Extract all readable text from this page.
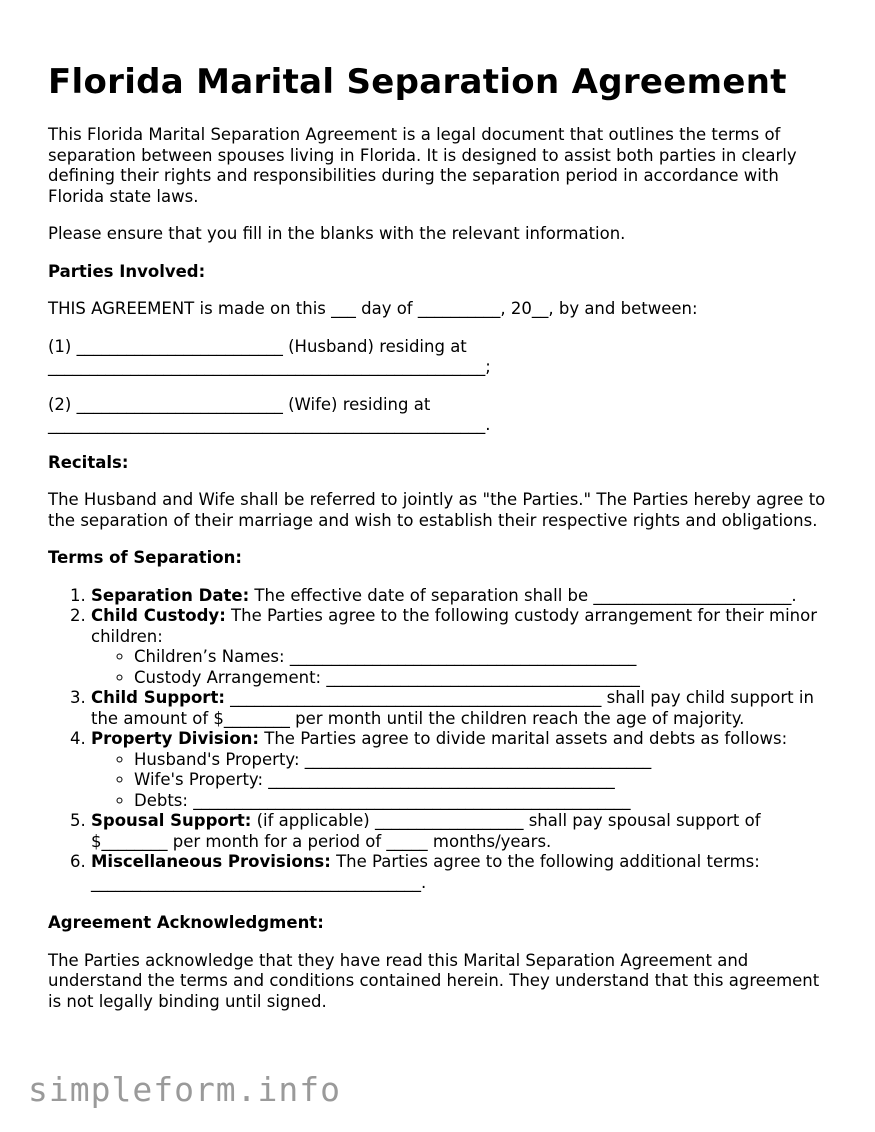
Florida Marital Separation Agreement

This Florida Marital Separation Agreement is a legal document that outlines the terms of separation between spouses living in Florida. It is designed to assist both parties in clearly defining their rights and responsibilities during the separation period in accordance with Florida state laws.

Please ensure that you fill in the blanks with the relevant information.

Parties Involved:

THIS AGREEMENT is made on this ___ day of __________, 20__, by and between:

(1) _________________________ (Husband) residing at
_____________________________________________________;

(2) _________________________ (Wife) residing at
_____________________________________________________.

Recitals:

The Husband and Wife shall be referred to jointly as "the Parties." The Parties hereby agree to the separation of their marriage and wish to establish their respective rights and obligations.

Terms of Separation:
1. Separation Date: The effective date of separation shall be ________________________.
2. Child Custody: The Parties agree to the following custody arrangement for their minor children:
◦ Children’s Names: __________________________________________
◦ Custody Arrangement: ______________________________________
3. Child Support: _____________________________________________ shall pay child support in the amount of $________ per month until the children reach the age of majority.
4. Property Division: The Parties agree to divide marital assets and debts as follows:
◦ Husband's Property: __________________________________________
◦ Wife's Property: __________________________________________
◦ Debts: _____________________________________________________
5. Spousal Support: (if applicable) __________________ shall pay spousal support of $________ per month for a period of _____ months/years.
6. Miscellaneous Provisions: The Parties agree to the following additional terms: ________________________________________.
Agreement Acknowledgment:

The Parties acknowledge that they have read this Marital Separation Agreement and understand the terms and conditions contained herein. They understand that this agreement is not legally binding until signed.

simpleform.info
